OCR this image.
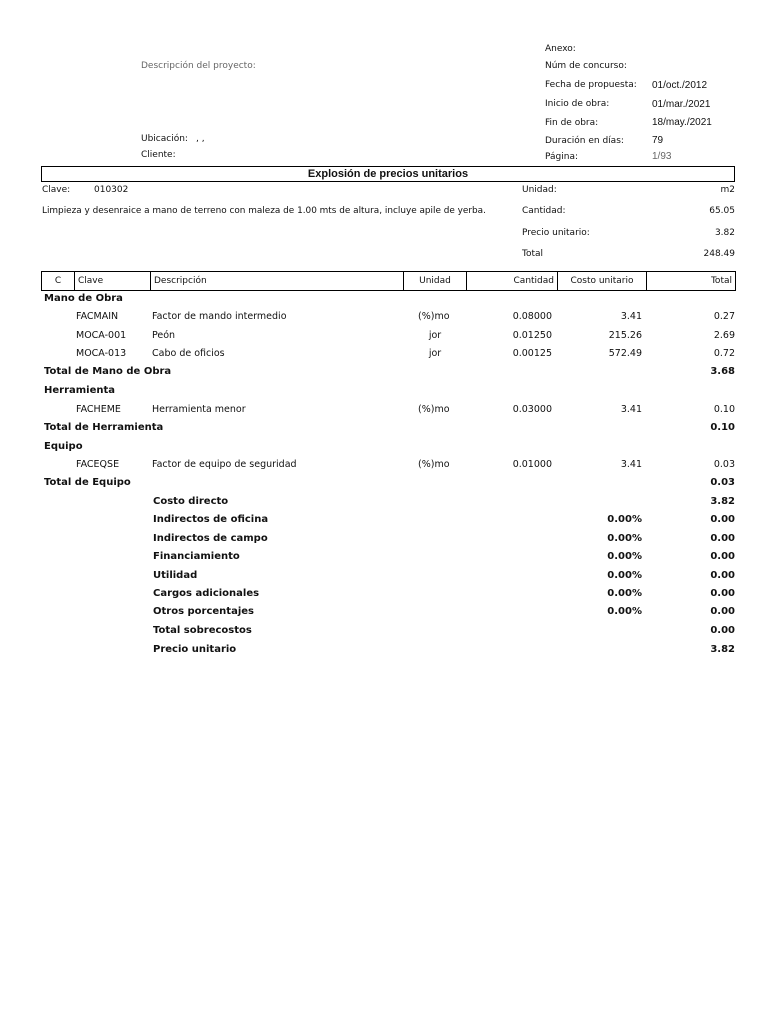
Descripción del proyecto:
Ubicación: , ,
Cliente:
Anexo:
Núm de concurso:
Fecha de propuesta: 01/oct./2012
Inicio de obra:	01/mar./2021
Fin de obra:	18/may./2021
Duración en días:	79
Página:	1/93
Explosión de precios unitarios
Clave:	010302
Limpieza y desenraice a mano de terreno con maleza de 1.00 mts de altura, incluye apile de yerba.
Unidad:	m2
Cantidad:	65.05
Precio unitario:	3.82
Total	248.49
C	Clave	Descripción	Unidad	Cantidad	Costo unitario	Total
Mano de Obra
FACMAIN	Factor de mando intermedio	(%)mo	0.08000	3.41	0.27
MOCA-001	Peón	jor	0.01250	215.26	2.69
MOCA-013	Cabo de oficios	jor	0.00125	572.49	0.72
Total de Mano de Obra	3.68
Herramienta
FACHEME	Herramienta menor	(%)mo	0.03000	3.41	0.10
Total de Herramienta	0.10
Equipo
FACEQSE	Factor de equipo de seguridad	(%)mo	0.01000	3.41	0.03
Total de Equipo	0.03
Costo directo	3.82
Indirectos de oficina	0.00%	0.00
Indirectos de campo	0.00%	0.00
Financiamiento	0.00%	0.00
Utilidad	0.00%	0.00
Cargos adicionales	0.00%	0.00
Otros porcentajes	0.00%	0.00
Total sobrecostos	0.00
Precio unitario	3.82
